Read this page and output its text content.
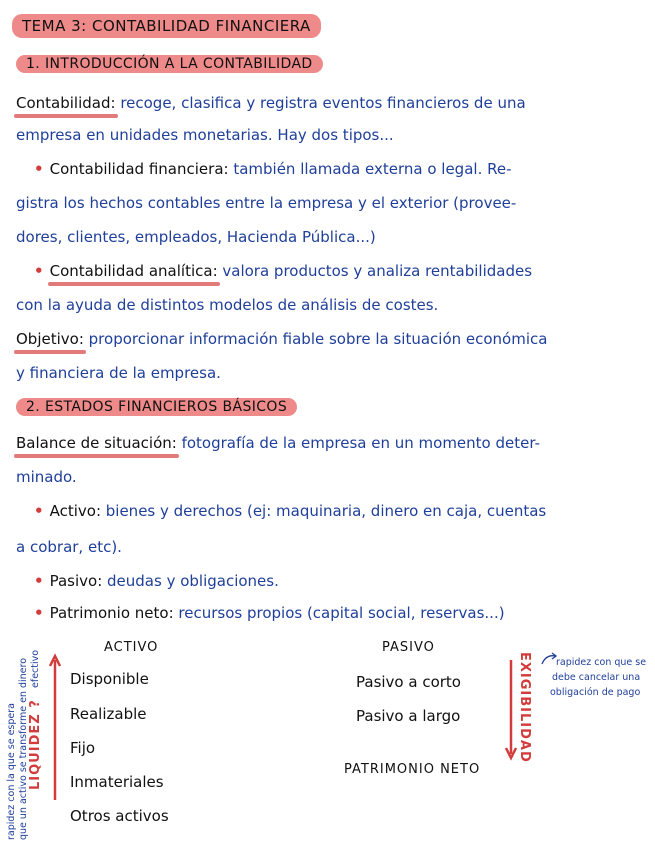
TEMA 3: CONTABILIDAD FINANCIERA
1. INTRODUCCIÓN A LA CONTABILIDAD
Contabilidad: recoge, clasifica y registra eventos financieros de una
empresa en unidades monetarias. Hay dos tipos...
• Contabilidad financiera: también llamada externa o legal. Re-
gistra los hechos contables entre la empresa y el exterior (provee-
dores, clientes, empleados, Hacienda Pública...)
• Contabilidad analítica: valora productos y analiza rentabilidades
con la ayuda de distintos modelos de análisis de costes.
Objetivo: proporcionar información fiable sobre la situación económica
y financiera de la empresa.
2. ESTADOS FINANCIEROS BÁSICOS
Balance de situación: fotografía de la empresa en un momento deter-
minado.
• Activo: bienes y derechos (ej: maquinaria, dinero en caja, cuentas
a cobrar, etc).
• Pasivo: deudas y obligaciones.
• Patrimonio neto: recursos propios (capital social, reservas...)
ACTIVO
Disponible
Realizable
Fijo
Inmateriales
Otros activos
PASIVO
Pasivo a corto
Pasivo a largo
PATRIMONIO NETO
LIQUIDEZ ?
rapidez con la que se espera que un activo se transforme en dinero efectivo	EXIGIBILIDAD	rapidez con que se
debe cancelar una
obligación de pago
